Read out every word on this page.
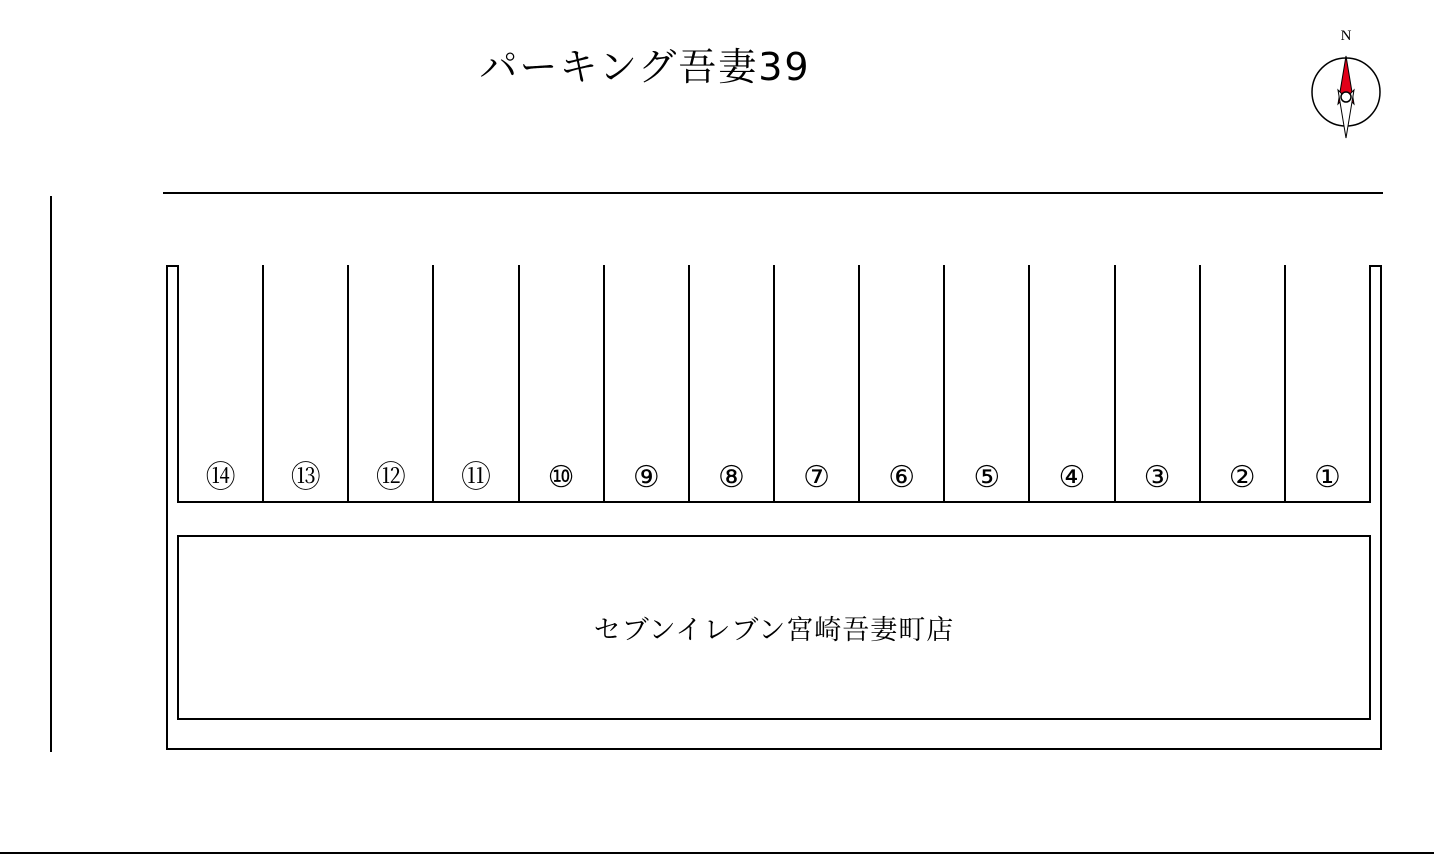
パーキング吾妻39
N
⑭	⑬	⑫	⑪	⑩	⑨	⑧	⑦	⑥	⑤	④	③	②	①
セブンイレブン宮崎吾妻町店
